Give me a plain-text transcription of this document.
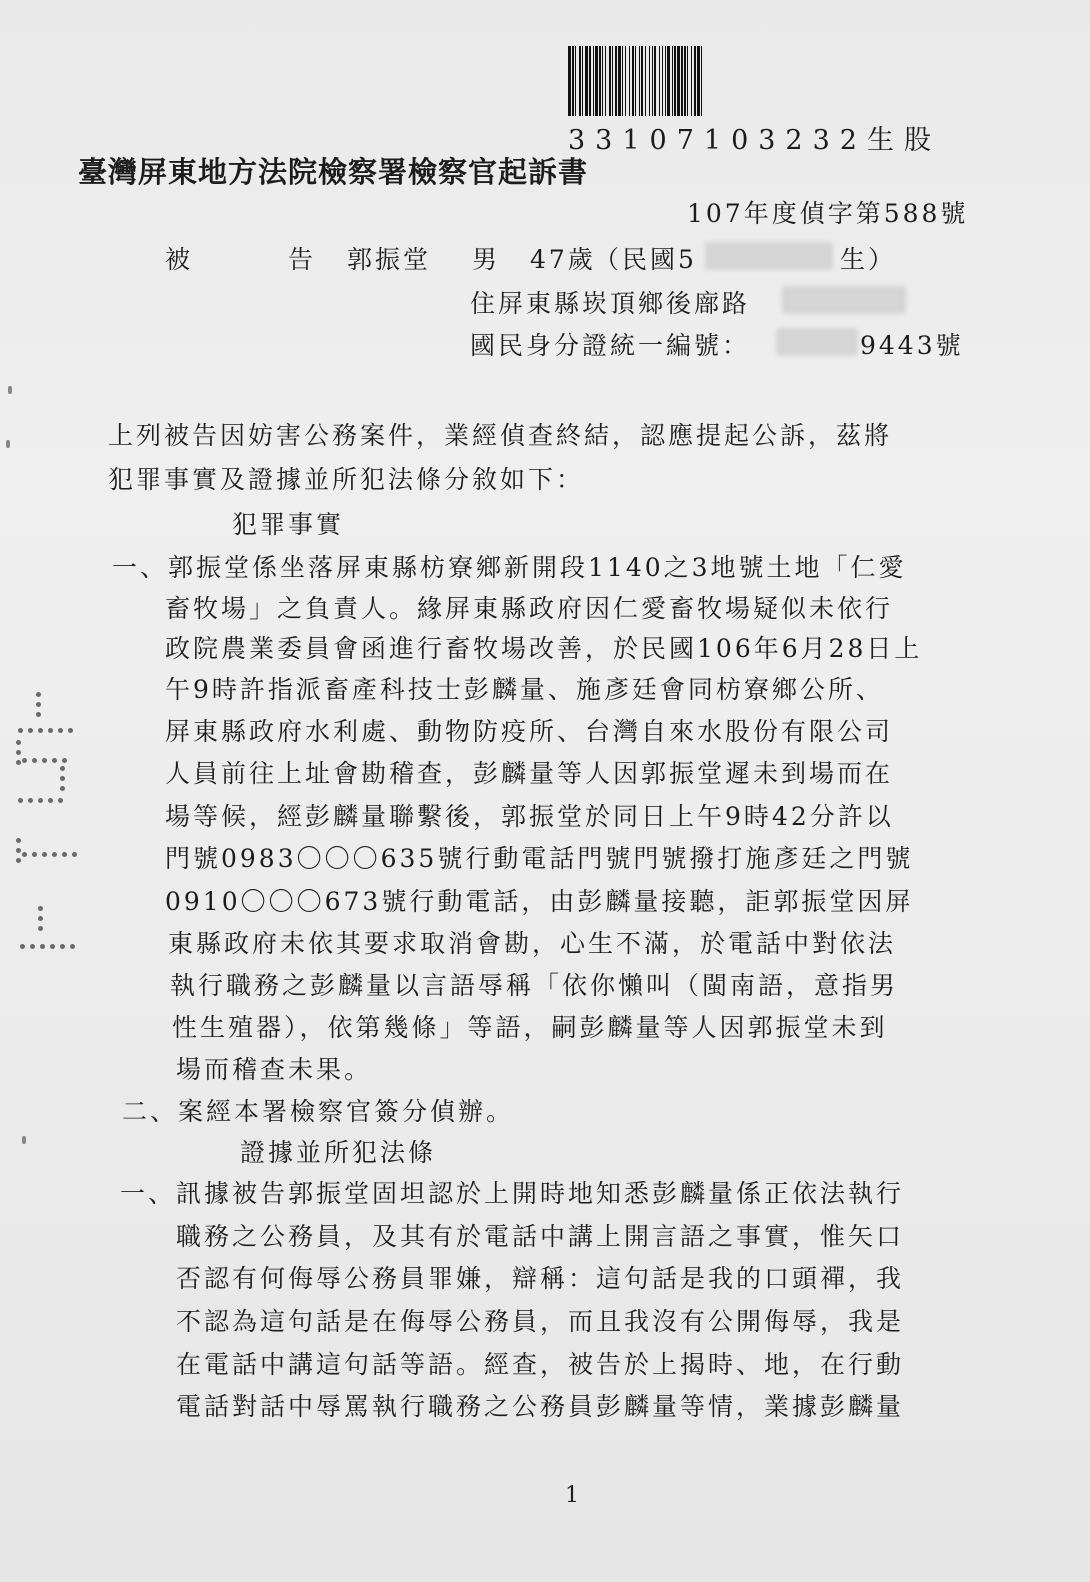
33107103232生股
臺灣屏東地方法院檢察署檢察官起訴書
107年度偵字第588號
被	告 郭振堂 男 47歲
（民國5	生）
住屏東縣崁頂鄉後廍路
國民身分證統一編號：	9443號
上列被告因妨害公務案件，業經偵查終結，認應提起公訴，茲將
犯罪事實及證據並所犯法條分敘如下：
犯罪事實
一、郭振堂係坐落屏東縣枋寮鄉新開段1140之3地號土地「仁愛
畜牧場」之負責人。緣屏東縣政府因仁愛畜牧場疑似未依行
政院農業委員會函進行畜牧場改善，於民國106年6月28日上
午9時許指派畜產科技士彭麟量、施彥廷會同枋寮鄉公所、
屏東縣政府水利處、動物防疫所、台灣自來水股份有限公司
人員前往上址會勘稽查，彭麟量等人因郭振堂遲未到場而在
場等候，經彭麟量聯繫後，郭振堂於同日上午9時42分許以
門號0983〇〇〇635號行動電話門號門號撥打施彥廷之門號
0910〇〇〇673號行動電話，由彭麟量接聽，詎郭振堂因屏
東縣政府未依其要求取消會勘，心生不滿，於電話中對依法
執行職務之彭麟量以言語辱稱「依你懶叫（閩南語，意指男
性生殖器），依第幾條」等語，嗣彭麟量等人因郭振堂未到
場而稽查未果。
二、案經本署檢察官簽分偵辦。
證據並所犯法條
一、訊據被告郭振堂固坦認於上開時地知悉彭麟量係正依法執行
職務之公務員，及其有於電話中講上開言語之事實，惟矢口
否認有何侮辱公務員罪嫌，辯稱：這句話是我的口頭禪，我
不認為這句話是在侮辱公務員，而且我沒有公開侮辱，我是
在電話中講這句話等語。經查，被告於上揭時、地，在行動
電話對話中辱罵執行職務之公務員彭麟量等情，業據彭麟量
1
